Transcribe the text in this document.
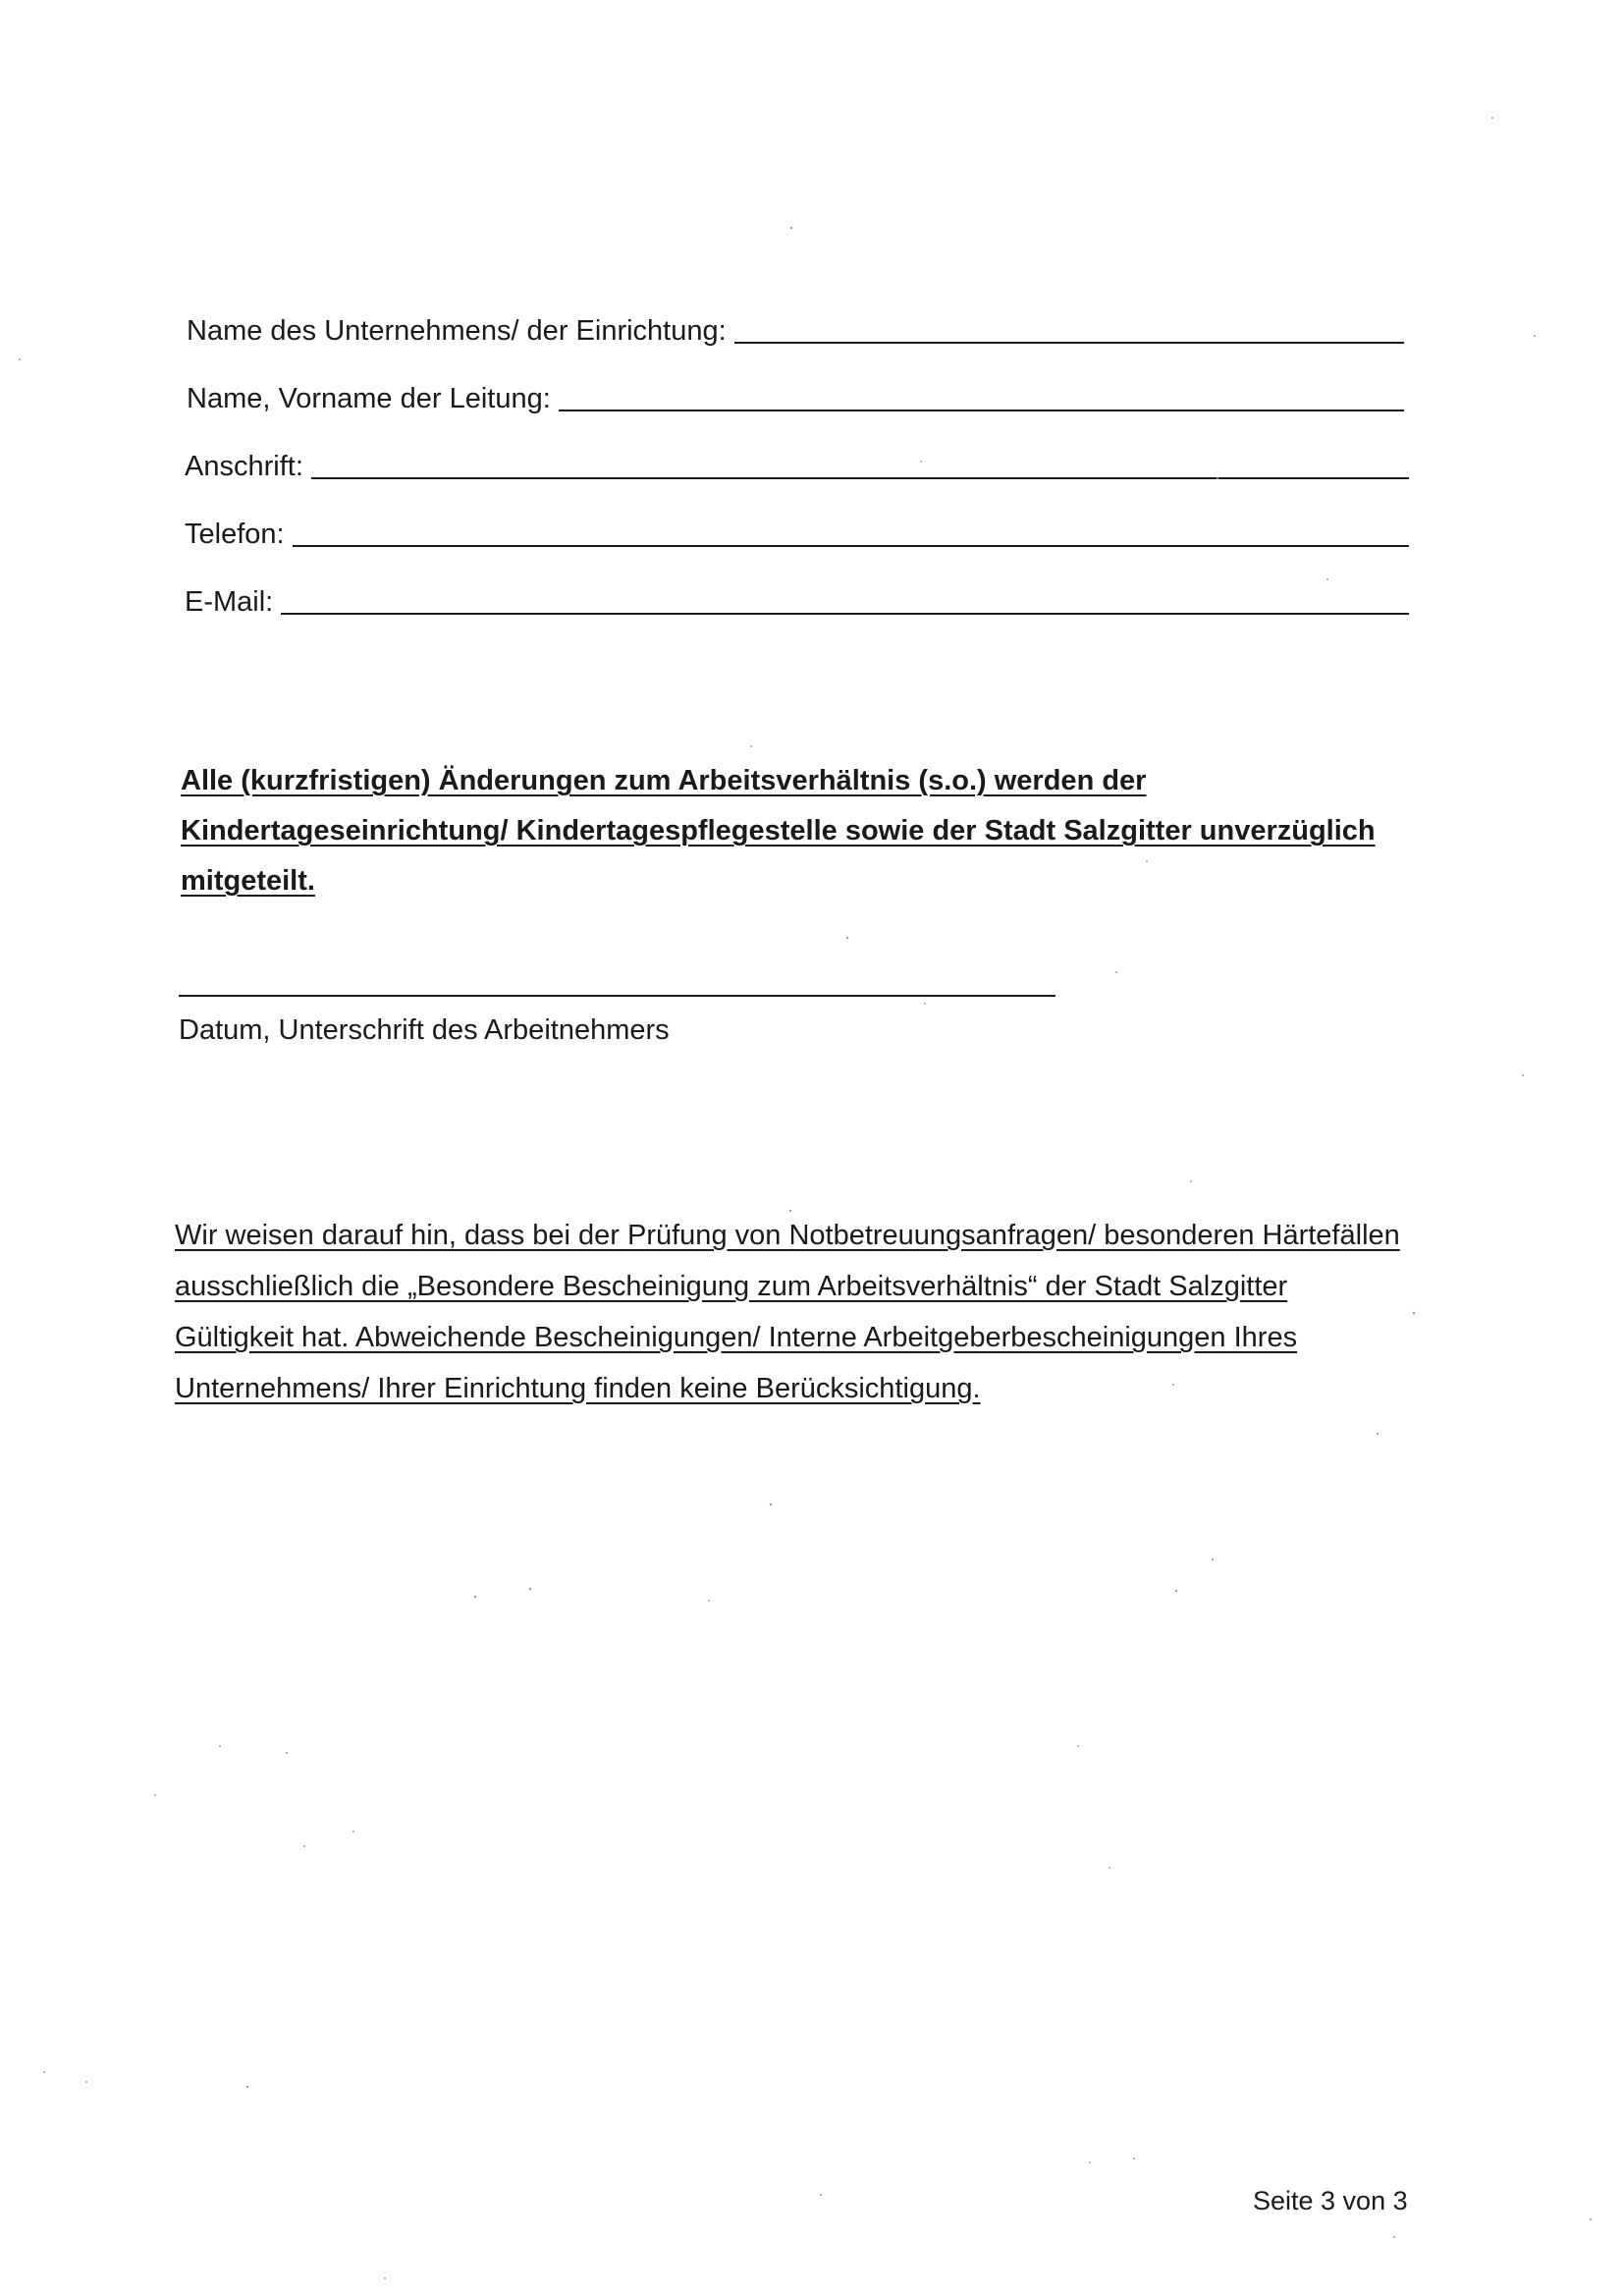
Name des Unternehmens/ der Einrichtung:
Name, Vorname der Leitung:
Anschrift:
Telefon:
E-Mail:
Alle (kurzfristigen) Änderungen zum Arbeitsverhältnis (s.o.) werden der Kindertageseinrichtung/ Kindertagespflegestelle sowie der Stadt Salzgitter unverzüglich mitgeteilt.
Datum, Unterschrift des Arbeitnehmers
Wir weisen darauf hin, dass bei der Prüfung von Notbetreuungsanfragen/ besonderen Härtefällen ausschließlich die „Besondere Bescheinigung zum Arbeitsverhältnis“ der Stadt Salzgitter Gültigkeit hat. Abweichende Bescheinigungen/ Interne Arbeitgeberbescheinigungen Ihres Unternehmens/ Ihrer Einrichtung finden keine Berücksichtigung.
Seite 3 von 3
